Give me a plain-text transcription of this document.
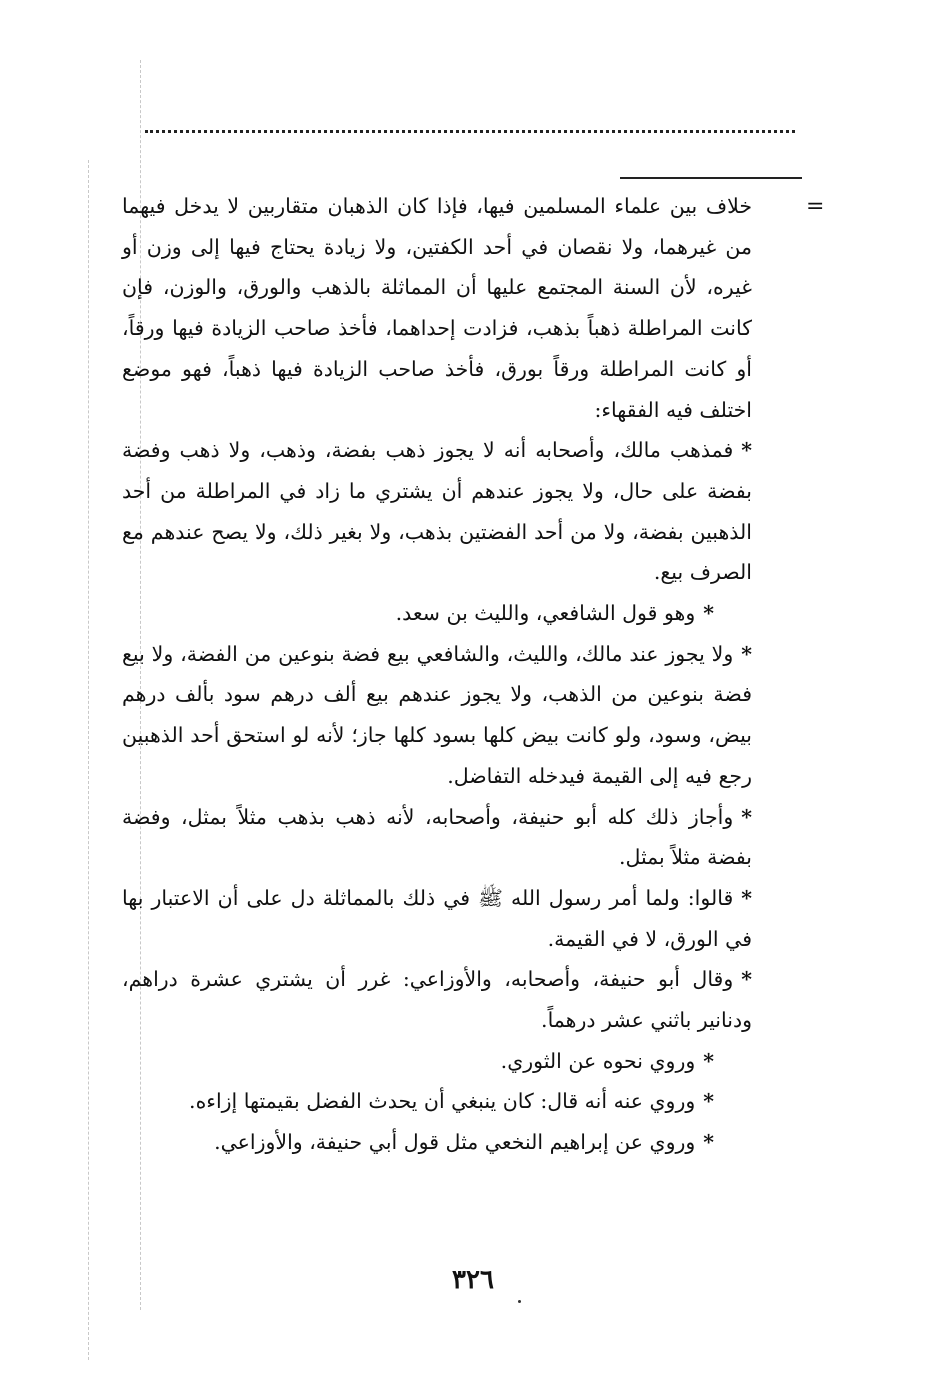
=

خلاف بين علماء المسلمين فيها، فإذا كان الذهبان متقاربين لا يدخل فيهما من غيرهما، ولا نقصان في أحد الكفتين، ولا زيادة يحتاج فيها إلى وزن أو غيره، لأن السنة المجتمع عليها أن المماثلة بالذهب والورق، والوزن، فإن كانت المراطلة ذهباً بذهب، فزادت إحداهما، فأخذ صاحب الزيادة فيها ورقاً، أو كانت المراطلة ورقاً بورق، فأخذ صاحب الزيادة فيها ذهباً، فهو موضع اختلف فيه الفقهاء:

*فمذهب مالك، وأصحابه أنه لا يجوز ذهب بفضة، وذهب، ولا ذهب وفضة بفضة على حال، ولا يجوز عندهم أن يشتري ما زاد في المراطلة من أحد الذهبين بفضة، ولا من أحد الفضتين بذهب، ولا بغير ذلك، ولا يصح عندهم مع الصرف بيع.

*وهو قول الشافعي، والليث بن سعد.

*ولا يجوز عند مالك، والليث، والشافعي بيع فضة بنوعين من الفضة، ولا بيع فضة بنوعين من الذهب، ولا يجوز عندهم بيع ألف درهم سود بألف درهم بيض، وسود، ولو كانت بيض كلها بسود كلها جاز؛ لأنه لو استحق أحد الذهبين رجع فيه إلى القيمة فيدخله التفاضل.

*وأجاز ذلك كله أبو حنيفة، وأصحابه، لأنه ذهب بذهب مثلاً بمثل، وفضة بفضة مثلاً بمثل.

*قالوا: ولما أمر رسول الله ﷺ في ذلك بالمماثلة دل على أن الاعتبار بها في الورق، لا في القيمة.

*وقال أبو حنيفة، وأصحابه، والأوزاعي: غرر أن يشتري عشرة دراهم، ودنانير باثني عشر درهماً.

*وروي نحوه عن الثوري.

*وروي عنه أنه قال: كان ينبغي أن يحدث الفضل بقيمتها إزاءه.

*وروي عن إبراهيم النخعي مثل قول أبي حنيفة، والأوزاعي.

٣٢٦
